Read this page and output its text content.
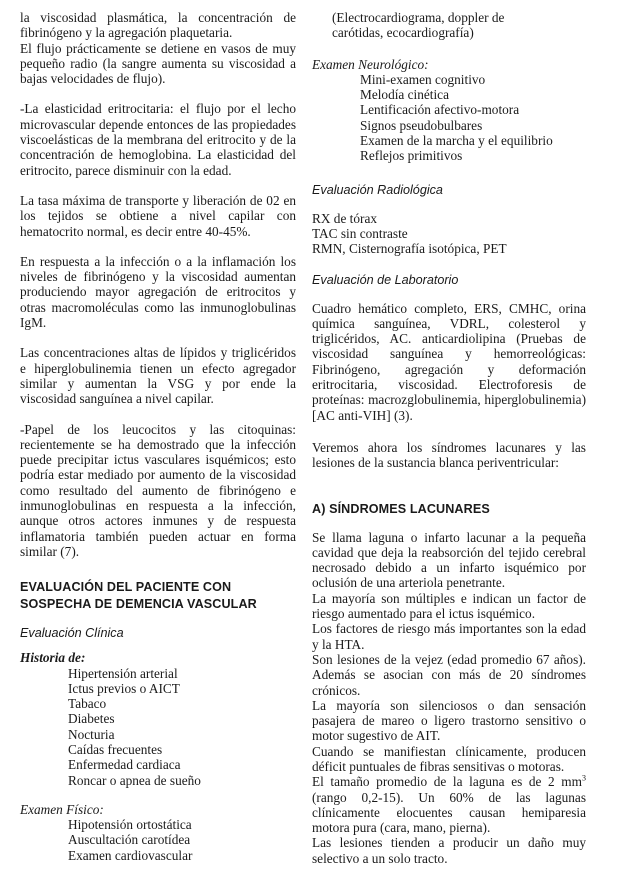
la viscosidad plasmática, la concentración de fibrinógeno y la agregación plaquetaria.

El flujo prácticamente se detiene en vasos de muy pequeño radio (la sangre aumenta su viscosidad a bajas velocidades de flujo).

-La elasticidad eritrocitaria: el flujo por el lecho microvascular depende entonces de las propiedades viscoelásticas de la membrana del eritrocito y de la concentración de hemoglobina. La elasticidad del eritrocito, parece disminuir con la edad.

La tasa máxima de transporte y liberación de 02 en los tejidos se obtiene a nivel capilar con hematocrito normal, es decir entre 40-45%.

En respuesta a la infección o a la inflamación los niveles de fibrinógeno y la viscosidad aumentan produciendo mayor agregación de eritrocitos y otras macromoléculas como las inmunoglobulinas IgM.

Las concentraciones altas de lípidos y triglicéridos e hiperglobulinemia tienen un efecto agregador similar y aumentan la VSG y por ende la viscosidad sanguínea a nivel capilar.

-Papel de los leucocitos y las citoquinas: recientemente se ha demostrado que la infección puede precipitar ictus vasculares isquémicos; esto podría estar mediado por aumento de la viscosidad como resultado del aumento de fibrinógeno e inmunoglobulinas en respuesta a la infección, aunque otros actores inmunes y de respuesta inflamatoria también pueden actuar en forma similar (7).

EVALUACIÓN DEL PACIENTE CON SOSPECHA DE DEMENCIA VASCULAR
Evaluación Clínica
Historia de:
Hipertensión arterial
Ictus previos o AICT
Tabaco
Diabetes
Nocturia
Caídas frecuentes
Enfermedad cardiaca
Roncar o apnea de sueño
Examen Físico:
Hipotensión ortostática
Auscultación carotídea
Examen cardiovascular
(Electrocardiograma, doppler de
carótidas, ecocardiografía)
Examen Neurológico:
Mini-examen cognitivo
Melodía cinética
Lentificación afectivo-motora
Signos pseudobulbares
Examen de la marcha y el equilibrio
Reflejos primitivos
Evaluación Radiológica
RX de tórax
TAC sin contraste
RMN, Cisternografía isotópica, PET
Evaluación de Laboratorio

Cuadro hemático completo, ERS, CMHC, orina química sanguínea, VDRL, colesterol y triglicéridos, AC. anticardiolipina (Pruebas de viscosidad sanguínea y hemorreológicas: Fibrinógeno, agregación y deformación eritrocitaria, viscosidad. Electroforesis de proteínas: macrozglobulinemia, hiperglobulinemia) [AC anti-VIH] (3).

Veremos ahora los síndromes lacunares y las lesiones de la sustancia blanca periventricular:

A) SÍNDROMES LACUNARES

Se llama laguna o infarto lacunar a la pequeña cavidad que deja la reabsorción del tejido cerebral necrosado debido a un infarto isquémico por oclusión de una arteriola penetrante.

La mayoría son múltiples e indican un factor de riesgo aumentado para el ictus isquémico.

Los factores de riesgo más importantes son la edad y la HTA.

Son lesiones de la vejez (edad promedio 67 años). Además se asocian con más de 20 síndromes crónicos.

La mayoría son silenciosos o dan sensación pasajera de mareo o ligero trastorno sensitivo o motor sugestivo de AIT.

Cuando se manifiestan clínicamente, producen déficit puntuales de fibras sensitivas o motoras.

El tamaño promedio de la laguna es de 2 $mm^3$ (rango 0,2-15). Un 60% de las lagunas clínicamente elocuentes causan hemiparesia motora pura (cara, mano, pierna).

Las lesiones tienden a producir un daño muy selectivo a un solo tracto.
